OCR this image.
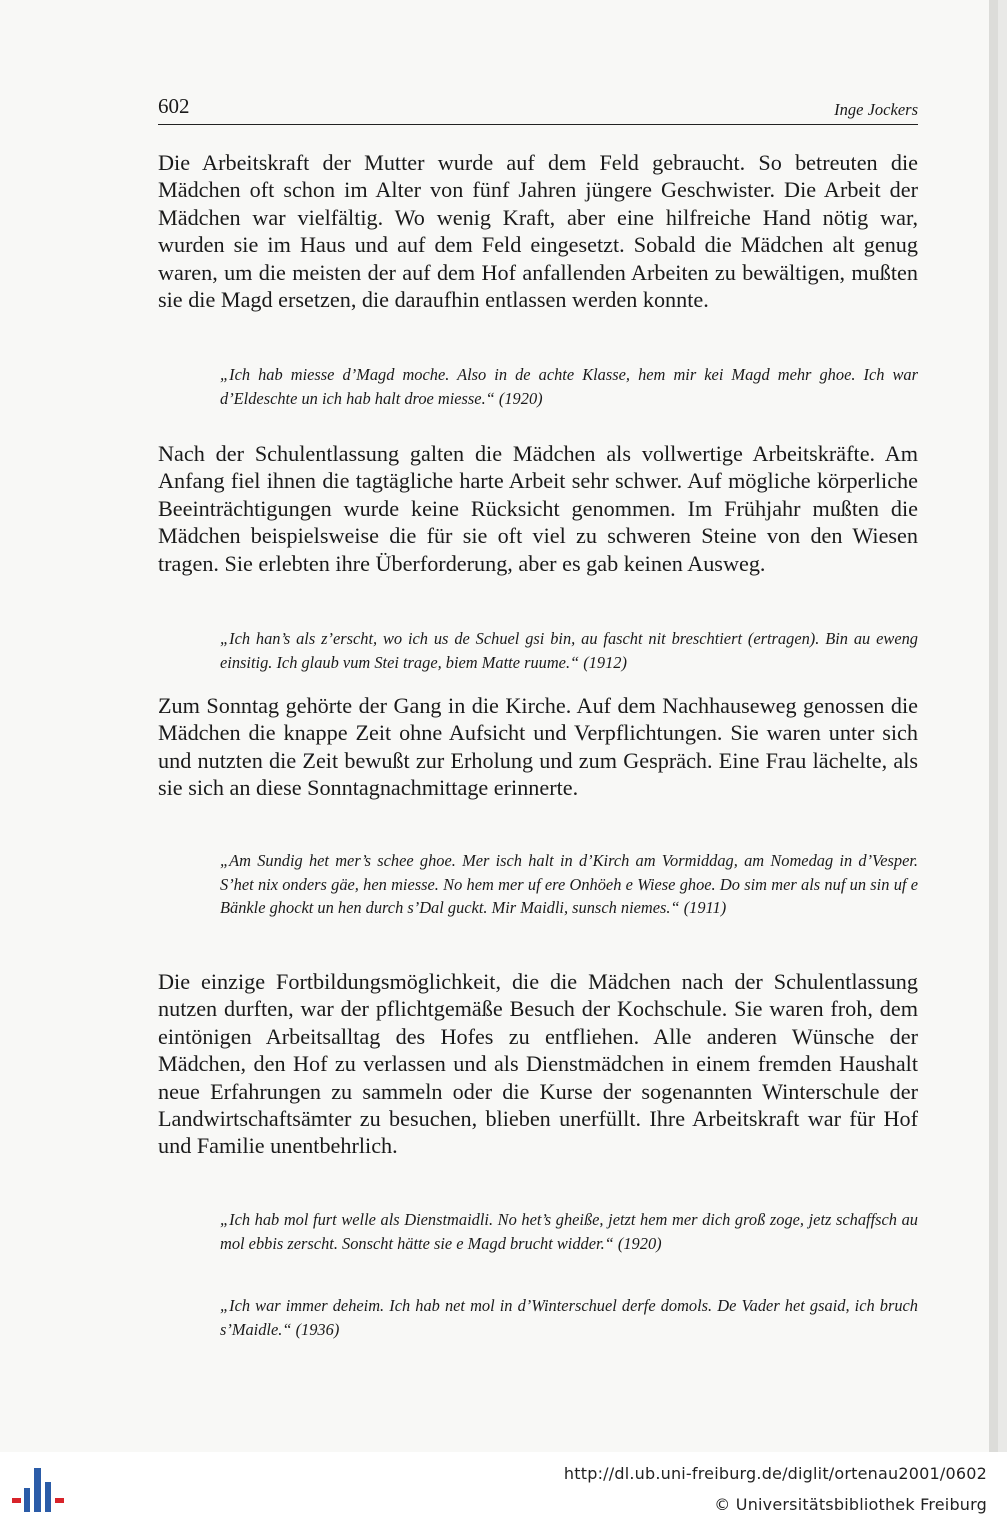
602	Inge Jockers

Die Arbeitskraft der Mutter wurde auf dem Feld gebraucht. So betreuten die Mädchen oft schon im Alter von fünf Jahren jüngere Geschwister. Die Arbeit der Mädchen war vielfältig. Wo wenig Kraft, aber eine hilfreiche Hand nötig war, wurden sie im Haus und auf dem Feld eingesetzt. Sobald die Mädchen alt genug waren, um die meisten der auf dem Hof anfallenden Arbeiten zu bewältigen, mußten sie die Magd ersetzen, die daraufhin entlassen werden konnte.

„Ich hab miesse d’Magd moche. Also in de achte Klasse, hem mir kei Magd mehr ghoe. Ich war d’Eldeschte un ich hab halt droe miesse.“ (1920)

Nach der Schulentlassung galten die Mädchen als vollwertige Arbeitskräfte. Am Anfang fiel ihnen die tagtägliche harte Arbeit sehr schwer. Auf mögliche körperliche Beeinträchtigungen wurde keine Rücksicht genommen. Im Frühjahr mußten die Mädchen beispielsweise die für sie oft viel zu schweren Steine von den Wiesen tragen. Sie erlebten ihre Überforderung, aber es gab keinen Ausweg.

„Ich han’s als z’erscht, wo ich us de Schuel gsi bin, au fascht nit breschtiert (ertragen). Bin au eweng einsitig. Ich glaub vum Stei trage, biem Matte ruume.“ (1912)

Zum Sonntag gehörte der Gang in die Kirche. Auf dem Nachhauseweg genossen die Mädchen die knappe Zeit ohne Aufsicht und Verpflichtungen. Sie waren unter sich und nutzten die Zeit bewußt zur Erholung und zum Gespräch. Eine Frau lächelte, als sie sich an diese Sonntagnachmittage erinnerte.

„Am Sundig het mer’s schee ghoe. Mer isch halt in d’Kirch am Vormiddag, am Nomedag in d’Vesper. S’het nix onders gäe, hen miesse. No hem mer uf ere Onhöeh e Wiese ghoe. Do sim mer als nuf un sin uf e Bänkle ghockt un hen durch s’Dal guckt. Mir Maidli, sunsch niemes.“ (1911)

Die einzige Fortbildungsmöglichkeit, die die Mädchen nach der Schulentlassung nutzen durften, war der pflichtgemäße Besuch der Kochschule. Sie waren froh, dem eintönigen Arbeitsalltag des Hofes zu entfliehen. Alle anderen Wünsche der Mädchen, den Hof zu verlassen und als Dienstmädchen in einem fremden Haushalt neue Erfahrungen zu sammeln oder die Kurse der sogenannten Winterschule der Landwirtschaftsämter zu besuchen, blieben unerfüllt. Ihre Arbeitskraft war für Hof und Familie unentbehrlich.

„Ich hab mol furt welle als Dienstmaidli. No het’s gheiße, jetzt hem mer dich groß zoge, jetz schaffsch au mol ebbis zerscht. Sonscht hätte sie e Magd brucht widder.“ (1920)

„Ich war immer deheim. Ich hab net mol in d’Winterschuel derfe domols. De Vader het gsaid, ich bruch s’Maidle.“ (1936)

http://dl.ub.uni-freiburg.de/diglit/ortenau2001/0602
© Universitätsbibliothek Freiburg
